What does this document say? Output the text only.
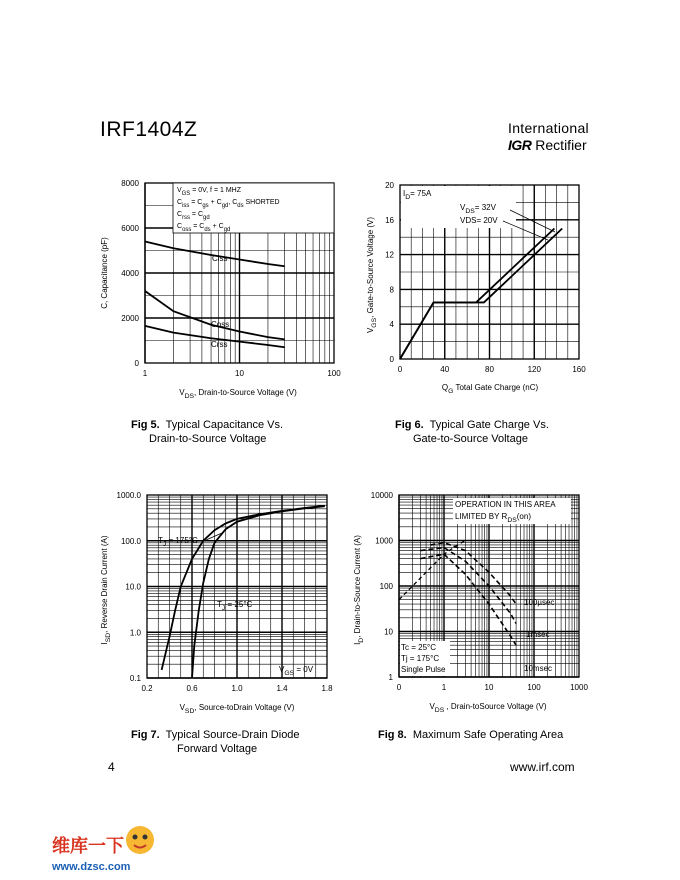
IRF1404Z	International
IGR Rectifier
1	10	100
0
2000
4000
6000
8000
$V_{GS} = 0V$, f = 1 MHZ
$C_{iss} = C_{gs} + C_{gd}$, $C_{ds}$ SHORTED
$C_{rss} = C_{gd}$
$C_{oss} = C_{ds} + C_{gd}$
Ciss
Coss
Crss
$V_{DS}$, Drain-to-Source Voltage (V)
C, Capacitance (pF)
0	40	80	120	160
0
4
8
12
16
20
$I_D= 75A$
$V_{DS}= 32V$
VDS= 20V
$Q_G$ Total Gate Charge (nC)
$V_{GS}$, Gate-to-Source Voltage (V)
0.2	0.6	1.0	1.4	1.8
0.1
1.0
10.0
100.0
1000.0
$T_J = 175^\circ C$
$T_J = 25^\circ C$
$V_{GS} = 0V$
$V_{SD}$, Source-toDrain Voltage (V)
$I_{SD}$, Reverse Drain Current (A)
0	1	10	100	1000
1
10
100
1000
10000
OPERATION IN THIS AREA
LIMITED BY $R_{DS}(on)$
100µsec
1msec
10msec
Tc = 25°C
Tj = 175°C
Single Pulse
$V_{DS}$ , Drain-toSource Voltage (V)
$I_D$, Drain-to-Source Current (A)
Fig 5. Typical Capacitance Vs.
Drain-to-Source Voltage
Fig 6. Typical Gate Charge Vs.
Gate-to-Source Voltage
Fig 7. Typical Source-Drain Diode
Forward Voltage
Fig 8. Maximum Safe Operating Area
4	www.irf.com
维库一下
www.dzsc.com
